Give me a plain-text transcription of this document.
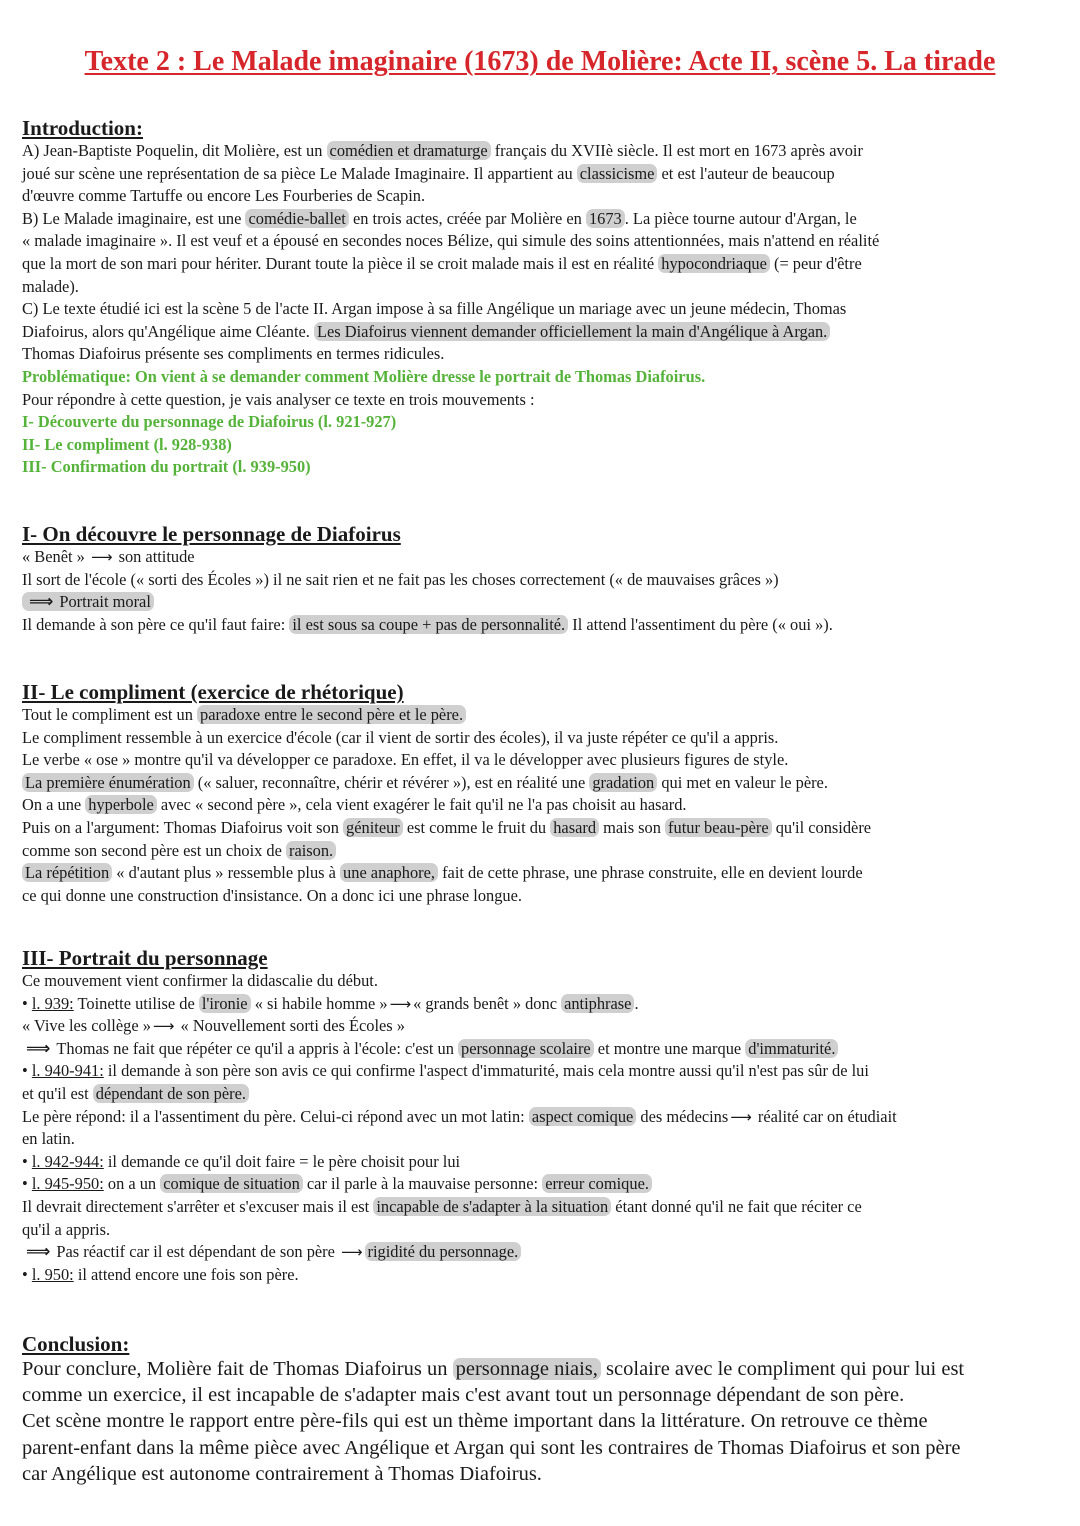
Texte 2 : Le Malade imaginaire (1673) de Molière: Acte II, scène 5. La tirade
Introduction:
A) Jean-Baptiste Poquelin, dit Molière, est un comédien et dramaturge français du XVIIè siècle. Il est mort en 1673 après avoir
joué sur scène une représentation de sa pièce Le Malade Imaginaire. Il appartient au classicisme et est l'auteur de beaucoup
d'œuvre comme Tartuffe ou encore Les Fourberies de Scapin.
B) Le Malade imaginaire, est une comédie-ballet en trois actes, créée par Molière en 1673 . La pièce tourne autour d'Argan, le
« malade imaginaire ». Il est veuf et a épousé en secondes noces Bélize, qui simule des soins attentionnées, mais n'attend en réalité
que la mort de son mari pour hériter. Durant toute la pièce il se croit malade mais il est en réalité hypocondriaque (= peur d'être
malade).
C) Le texte étudié ici est la scène 5 de l'acte II. Argan impose à sa fille Angélique un mariage avec un jeune médecin, Thomas
Diafoirus, alors qu'Angélique aime Cléante. Les Diafoirus viennent demander officiellement la main d'Angélique à Argan.
Thomas Diafoirus présente ses compliments en termes ridicules.
Problématique: On vient à se demander comment Molière dresse le portrait de Thomas Diafoirus.
Pour répondre à cette question, je vais analyser ce texte en trois mouvements :
I- Découverte du personnage de Diafoirus (l. 921-927)
II- Le compliment (l. 928-938)
III- Confirmation du portrait (l. 939-950)
I- On découvre le personnage de Diafoirus
« Benêt » ⟶ son attitude
Il sort de l'école (« sorti des Écoles ») il ne sait rien et ne fait pas les choses correctement (« de mauvaises grâces »)
⟹ Portrait moral
Il demande à son père ce qu'il faut faire: il est sous sa coupe + pas de personnalité. Il attend l'assentiment du père (« oui »).
II- Le compliment (exercice de rhétorique)
Tout le compliment est un paradoxe entre le second père et le père.
Le compliment ressemble à un exercice d'école (car il vient de sortir des écoles), il va juste répéter ce qu'il a appris.
Le verbe « ose » montre qu'il va développer ce paradoxe. En effet, il va le développer avec plusieurs figures de style.
La première énumération (« saluer, reconnaître, chérir et révérer »), est en réalité une gradation qui met en valeur le père.
On a une hyperbole avec « second père », cela vient exagérer le fait qu'il ne l'a pas choisit au hasard.
Puis on a l'argument: Thomas Diafoirus voit son géniteur est comme le fruit du hasard mais son futur beau-père qu'il considère
comme son second père est un choix de raison.
La répétition « d'autant plus » ressemble plus à une anaphore, fait de cette phrase, une phrase construite, elle en devient lourde
ce qui donne une construction d'insistance. On a donc ici une phrase longue.
III- Portrait du personnage
Ce mouvement vient confirmer la didascalie du début.
• l. 939: Toinette utilise de l'ironie « si habile homme » ⟶ « grands benêt » donc antiphrase .
« Vive les collège » ⟶ « Nouvellement sorti des Écoles »
⟹ Thomas ne fait que répéter ce qu'il a appris à l'école: c'est un personnage scolaire et montre une marque d'immaturité.
• l. 940-941: il demande à son père son avis ce qui confirme l'aspect d'immaturité, mais cela montre aussi qu'il n'est pas sûr de lui
et qu'il est dépendant de son père.
Le père répond: il a l'assentiment du père. Celui-ci répond avec un mot latin: aspect comique des médecins ⟶ réalité car on étudiait
en latin.
• l. 942-944: il demande ce qu'il doit faire = le père choisit pour lui
• l. 945-950: on a un comique de situation car il parle à la mauvaise personne: erreur comique.
Il devrait directement s'arrêter et s'excuser mais il est incapable de s'adapter à la situation étant donné qu'il ne fait que réciter ce
qu'il a appris.
⟹ Pas réactif car il est dépendant de son père ⟶ rigidité du personnage.
• l. 950: il attend encore une fois son père.
Conclusion:
Pour conclure, Molière fait de Thomas Diafoirus un personnage niais, scolaire avec le compliment qui pour lui est
comme un exercice, il est incapable de s'adapter mais c'est avant tout un personnage dépendant de son père.
Cet scène montre le rapport entre père-fils qui est un thème important dans la littérature. On retrouve ce thème
parent-enfant dans la même pièce avec Angélique et Argan qui sont les contraires de Thomas Diafoirus et son père
car Angélique est autonome contrairement à Thomas Diafoirus.
